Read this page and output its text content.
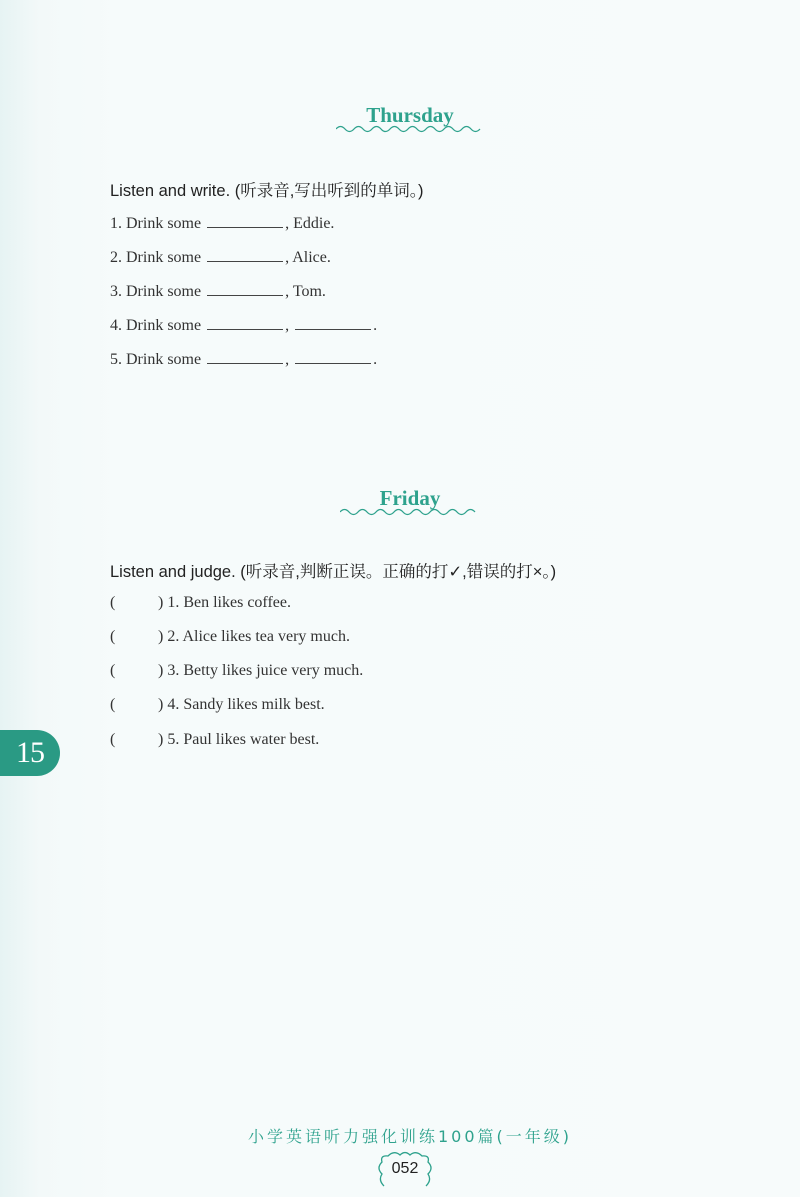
Thursday
Listen and write. (听录音,写出听到的单词。)
1. Drink some	, Eddie.
2. Drink some	, Alice.
3. Drink some	, Tom.
4. Drink some	,	.
5. Drink some	,	.
Friday
Listen and judge. (听录音,判断正误。正确的打✓,错误的打×。)
(	) 1. Ben likes coffee.
(	) 2. Alice likes tea very much.
(	) 3. Betty likes juice very much.
(	) 4. Sandy likes milk best.
(	) 5. Paul likes water best.
15
小学英语听力强化训练100篇(一年级)
052
